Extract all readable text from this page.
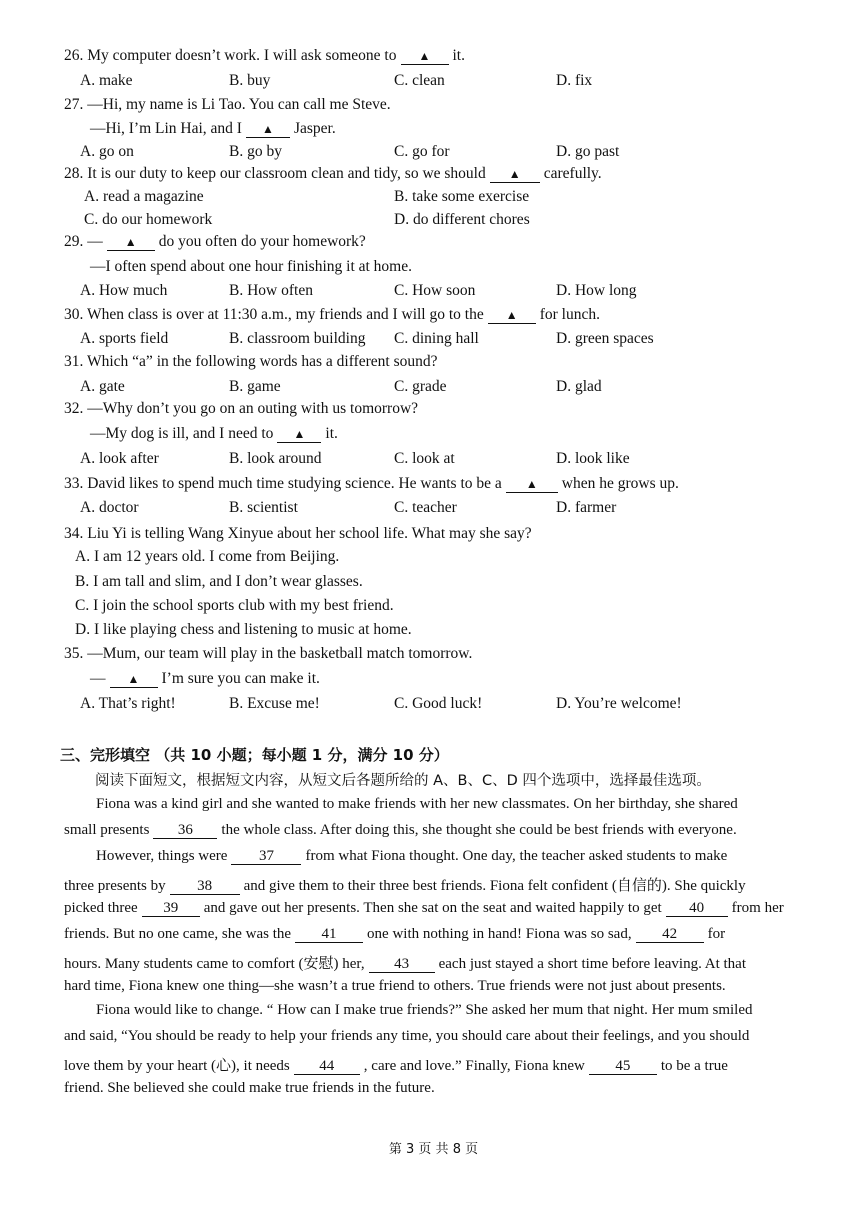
26. My computer doesn’t work. I will ask someone to ▲ it.
A. make	B. buy	C. clean	D. fix
27. —Hi, my name is Li Tao. You can call me Steve.
—Hi, I’m Lin Hai, and I ▲ Jasper.
A. go on	B. go by	C. go for	D. go past
28. It is our duty to keep our classroom clean and tidy, so we should ▲ carefully.
A. read a magazine	B. take some exercise
C. do our homework	D. do different chores
29. — ▲ do you often do your homework?
—I often spend about one hour finishing it at home.
A. How much	B. How often	C. How soon	D. How long
30. When class is over at 11:30 a.m., my friends and I will go to the ▲ for lunch.
A. sports field	B. classroom building C. dining hall	D. green spaces
31. Which “a” in the following words has a different sound?
A. gate	B. game	C. grade	D. glad
32. —Why don’t you go on an outing with us tomorrow?
—My dog is ill, and I need to ▲ it.
A. look after	B. look around	C. look at	D. look like
33. David likes to spend much time studying science. He wants to be a ▲ when he grows up.
A. doctor	B. scientist	C. teacher	D. farmer
34. Liu Yi is telling Wang Xinyue about her school life. What may she say?
A. I am 12 years old. I come from Beijing.
B. I am tall and slim, and I don’t wear glasses.
C. I join the school sports club with my best friend.
D. I like playing chess and listening to music at home.
35. —Mum, our team will play in the basketball match tomorrow.
— ▲ I’m sure you can make it.
A. That’s right!	B. Excuse me!	C. Good luck!	D. You’re welcome!
三、完形填空 （共 10 小题；每小题 1 分，满分 10 分）
阅读下面短文，根据短文内容，从短文后各题所给的 A、B、C、D 四个选项中，选择最佳选项。
Fiona was a kind girl and she wanted to make friends with her new classmates. On her birthday, she shared
small presents 36 the whole class. After doing this, she thought she could be best friends with everyone.
However, things were 37 from what Fiona thought. One day, the teacher asked students to make
three presents by 38 and give them to their three best friends. Fiona felt confident (自信的). She quickly
picked three 39 and gave out her presents. Then she sat on the seat and waited happily to get 40 from her
friends. But no one came, she was the 41 one with nothing in hand! Fiona was so sad, 42 for
hours. Many students came to comfort (安慰) her, 43 each just stayed a short time before leaving. At that
hard time, Fiona knew one thing—she wasn’t a true friend to others. True friends were not just about presents.
Fiona would like to change. “ How can I make true friends?” She asked her mum that night. Her mum smiled
and said, “You should be ready to help your friends any time, you should care about their feelings, and you should
love them by your heart (心), it needs 44 , care and love.” Finally, Fiona knew 45 to be a true
friend. She believed she could make true friends in the future.
第 3 页 共 8 页
